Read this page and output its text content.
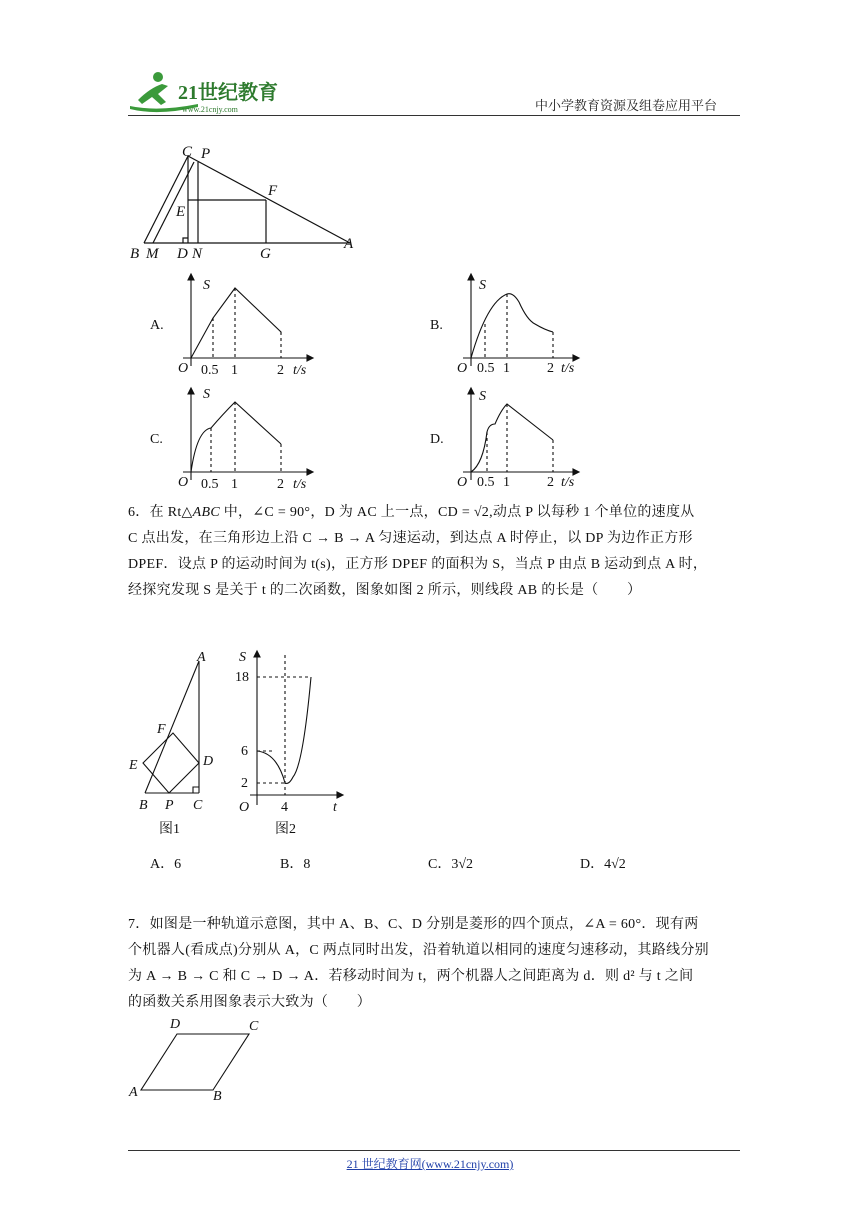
21世纪教育
www.21cnjy.com	中小学教育资源及组卷应用平台
C P
E
F
B M D N	G
A
A.
S
O 0.5 1	2 t/s
B.
S
O 0.5 1	2 t/s
C.
S
O 0.5 1	2 t/s
D.
S
O 0.5 1	2 t/s
6．在 Rt△ABC 中，∠C = 90°，D 为 AC 上一点，CD = √2,动点 P 以每秒 1 个单位的速度从
C 点出发，在三角形边上沿 C → B → A 匀速运动，到达点 A 时停止，以 DP 为边作正方形
DPEF．设点 P 的运动时间为 t(s)，正方形 DPEF 的面积为 S，当点 P 由点 B 运动到点 A 时，
经探究发现 S 是关于 t 的二次函数，图象如图 2 所示，则线段 AB 的长是（　　）
A
F
E	D
B P C
图1
S
18
6
2
O 4	t
图2
A．6	B．8	C．3√2	D．4√2
7．如图是一种轨道示意图，其中 A、B、C、D 分别是菱形的四个顶点，∠A = 60°．现有两
个机器人(看成点)分别从 A，C 两点同时出发，沿着轨道以相同的速度匀速移动，其路线分别
为 A → B → C 和 C → D → A．若移动时间为 t，两个机器人之间距离为 d．则 d² 与 t 之间
的函数关系用图象表示大致为（　　）
D	C
A	B
21 世纪教育网(www.21cnjy.com)
